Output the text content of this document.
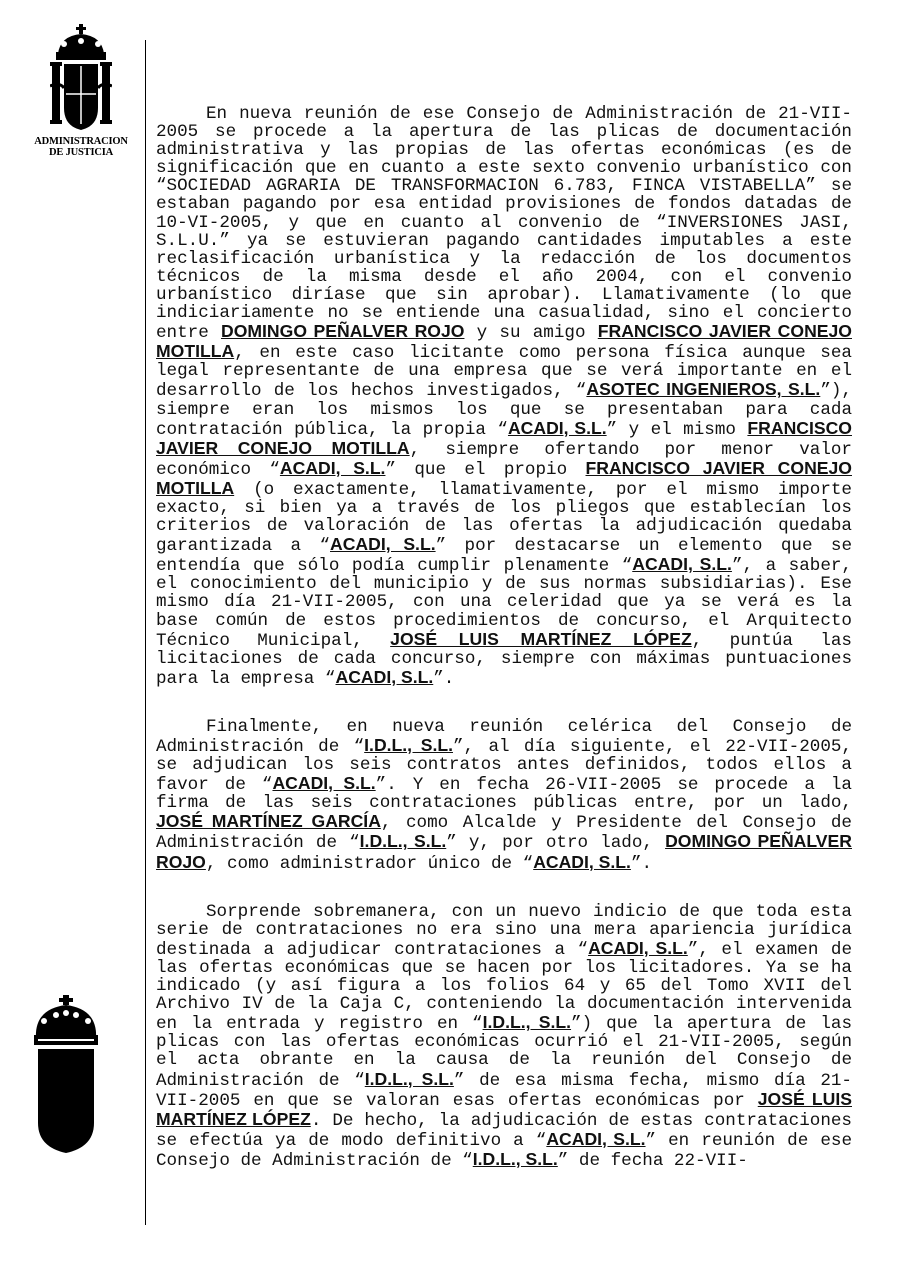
ADMINISTRACION
DE JUSTICIA

En nueva reunión de ese Consejo de Administración de 21-VII-2005 se procede a la apertura de las plicas de documentación administrativa y las propias de las ofertas económicas (es de significación que en cuanto a este sexto convenio urbanístico con “SOCIEDAD AGRARIA DE TRANSFORMACION 6.783, FINCA VISTABELLA” se estaban pagando por esa entidad provisiones de fondos datadas de 10-VI-2005, y que en cuanto al convenio de “INVERSIONES JASI, S.L.U.” ya se estuvieran pagando cantidades imputables a este reclasificación urbanística y la redacción de los documentos técnicos de la misma desde el año 2004, con el convenio urbanístico diríase que sin aprobar). Llamativamente (lo que indiciariamente no se entiende una casualidad, sino el concierto entre DOMINGO PEÑALVER ROJO y su amigo FRANCISCO JAVIER CONEJO MOTILLA, en este caso licitante como persona física aunque sea legal representante de una empresa que se verá importante en el desarrollo de los hechos investigados, “ASOTEC INGENIEROS, S.L.”), siempre eran los mismos los que se presentaban para cada contratación pública, la propia “ACADI, S.L.” y el mismo FRANCISCO JAVIER CONEJO MOTILLA, siempre ofertando por menor valor económico “ACADI, S.L.” que el propio FRANCISCO JAVIER CONEJO MOTILLA (o exactamente, llamativamente, por el mismo importe exacto, si bien ya a través de los pliegos que establecían los criterios de valoración de las ofertas la adjudicación quedaba garantizada a “ACADI, S.L.” por destacarse un elemento que se entendía que sólo podía cumplir plenamente “ACADI, S.L.”, a saber, el conocimiento del municipio y de sus normas subsidiarias). Ese mismo día 21-VII-2005, con una celeridad que ya se verá es la base común de estos procedimientos de concurso, el Arquitecto Técnico Municipal, JOSÉ LUIS MARTÍNEZ LÓPEZ, puntúa las licitaciones de cada concurso, siempre con máximas puntuaciones para la empresa “ACADI, S.L.”.

Finalmente, en nueva reunión celérica del Consejo de Administración de “I.D.L., S.L.”, al día siguiente, el 22-VII-2005, se adjudican los seis contratos antes definidos, todos ellos a favor de “ACADI, S.L.”. Y en fecha 26-VII-2005 se procede a la firma de las seis contrataciones públicas entre, por un lado, JOSÉ MARTÍNEZ GARCÍA, como Alcalde y Presidente del Consejo de Administración de “I.D.L., S.L.” y, por otro lado, DOMINGO PEÑALVER ROJO, como administrador único de “ACADI, S.L.”.

Sorprende sobremanera, con un nuevo indicio de que toda esta serie de contrataciones no era sino una mera apariencia jurídica destinada a adjudicar contrataciones a “ACADI, S.L.”, el examen de las ofertas económicas que se hacen por los licitadores. Ya se ha indicado (y así figura a los folios 64 y 65 del Tomo XVII del Archivo IV de la Caja C, conteniendo la documentación intervenida en la entrada y registro en “I.D.L., S.L.”) que la apertura de las plicas con las ofertas económicas ocurrió el 21-VII-2005, según el acta obrante en la causa de la reunión del Consejo de Administración de “I.D.L., S.L.” de esa misma fecha, mismo día 21-VII-2005 en que se valoran esas ofertas económicas por JOSÉ LUIS MARTÍNEZ LÓPEZ. De hecho, la adjudicación de estas contrataciones se efectúa ya de modo definitivo a “ACADI, S.L.” en reunión de ese Consejo de Administración de “I.D.L., S.L.” de fecha 22-VII-
